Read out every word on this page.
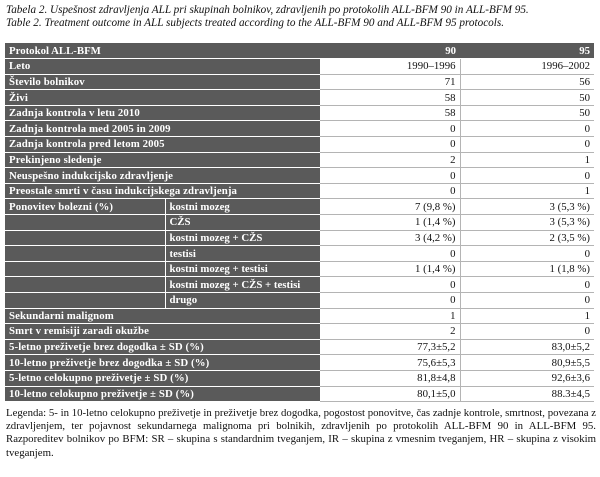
Tabela 2. Uspešnost zdravljenja ALL pri skupinah bolnikov, zdravljenih po protokolih ALL-BFM 90 in ALL-BFM 95.
Table 2. Treatment outcome in ALL subjects treated according to the ALL-BFM 90 and ALL-BFM 95 protocols.
Protokol ALL-BFM		90	95
Leto		1990–1996	1996–2002
Število bolnikov		71	56
Živi		58	50
Zadnja kontrola v letu 2010		58	50
Zadnja kontrola med 2005 in 2009		0	0
Zadnja kontrola pred letom 2005		0	0
Prekinjeno sledenje		2	1
Neuspešno indukcijsko zdravljenje		0	0
Preostale smrti v času indukcijskega zdravljenja		0	1
Ponovitev bolezni (%)	kostni mozeg	7 (9,8 %)	3 (5,3 %)
	CŽS	1 (1,4 %)	3 (5,3 %)
	kostni mozeg + CŽS	3 (4,2 %)	2 (3,5 %)
	testisi	0	0
	kostni mozeg + testisi	1 (1,4 %)	1 (1,8 %)
	kostni mozeg + CŽS + testisi	0	0
	drugo	0	0
Sekundarni malignom		1	1
Smrt v remisiji zaradi okužbe		2	0
5-letno preživetje brez dogodka ± SD (%)		77,3±5,2	83,0±5,2
10-letno preživetje brez dogodka ± SD (%)		75,6±5,3	80,9±5,5
5-letno celokupno preživetje ± SD (%)		81,8±4,8	92,6±3,6
10-letno celokupno preživetje ± SD (%)		80,1±5,0	88.3±4,5
Legenda: 5- in 10-letno celokupno preživetje in preživetje brez dogodka, pogostost ponovitve, čas zadnje kontrole, smrtnost, povezana z zdravljenjem, ter pojavnost sekundarnega malignoma pri bolnikih, zdravljenih po protokolih ALL-BFM 90 in ALL-BFM 95. Razporeditev bolnikov po BFM: SR – skupina s standardnim tveganjem, IR – skupina z vmesnim tveganjem, HR – skupina z visokim tveganjem.
